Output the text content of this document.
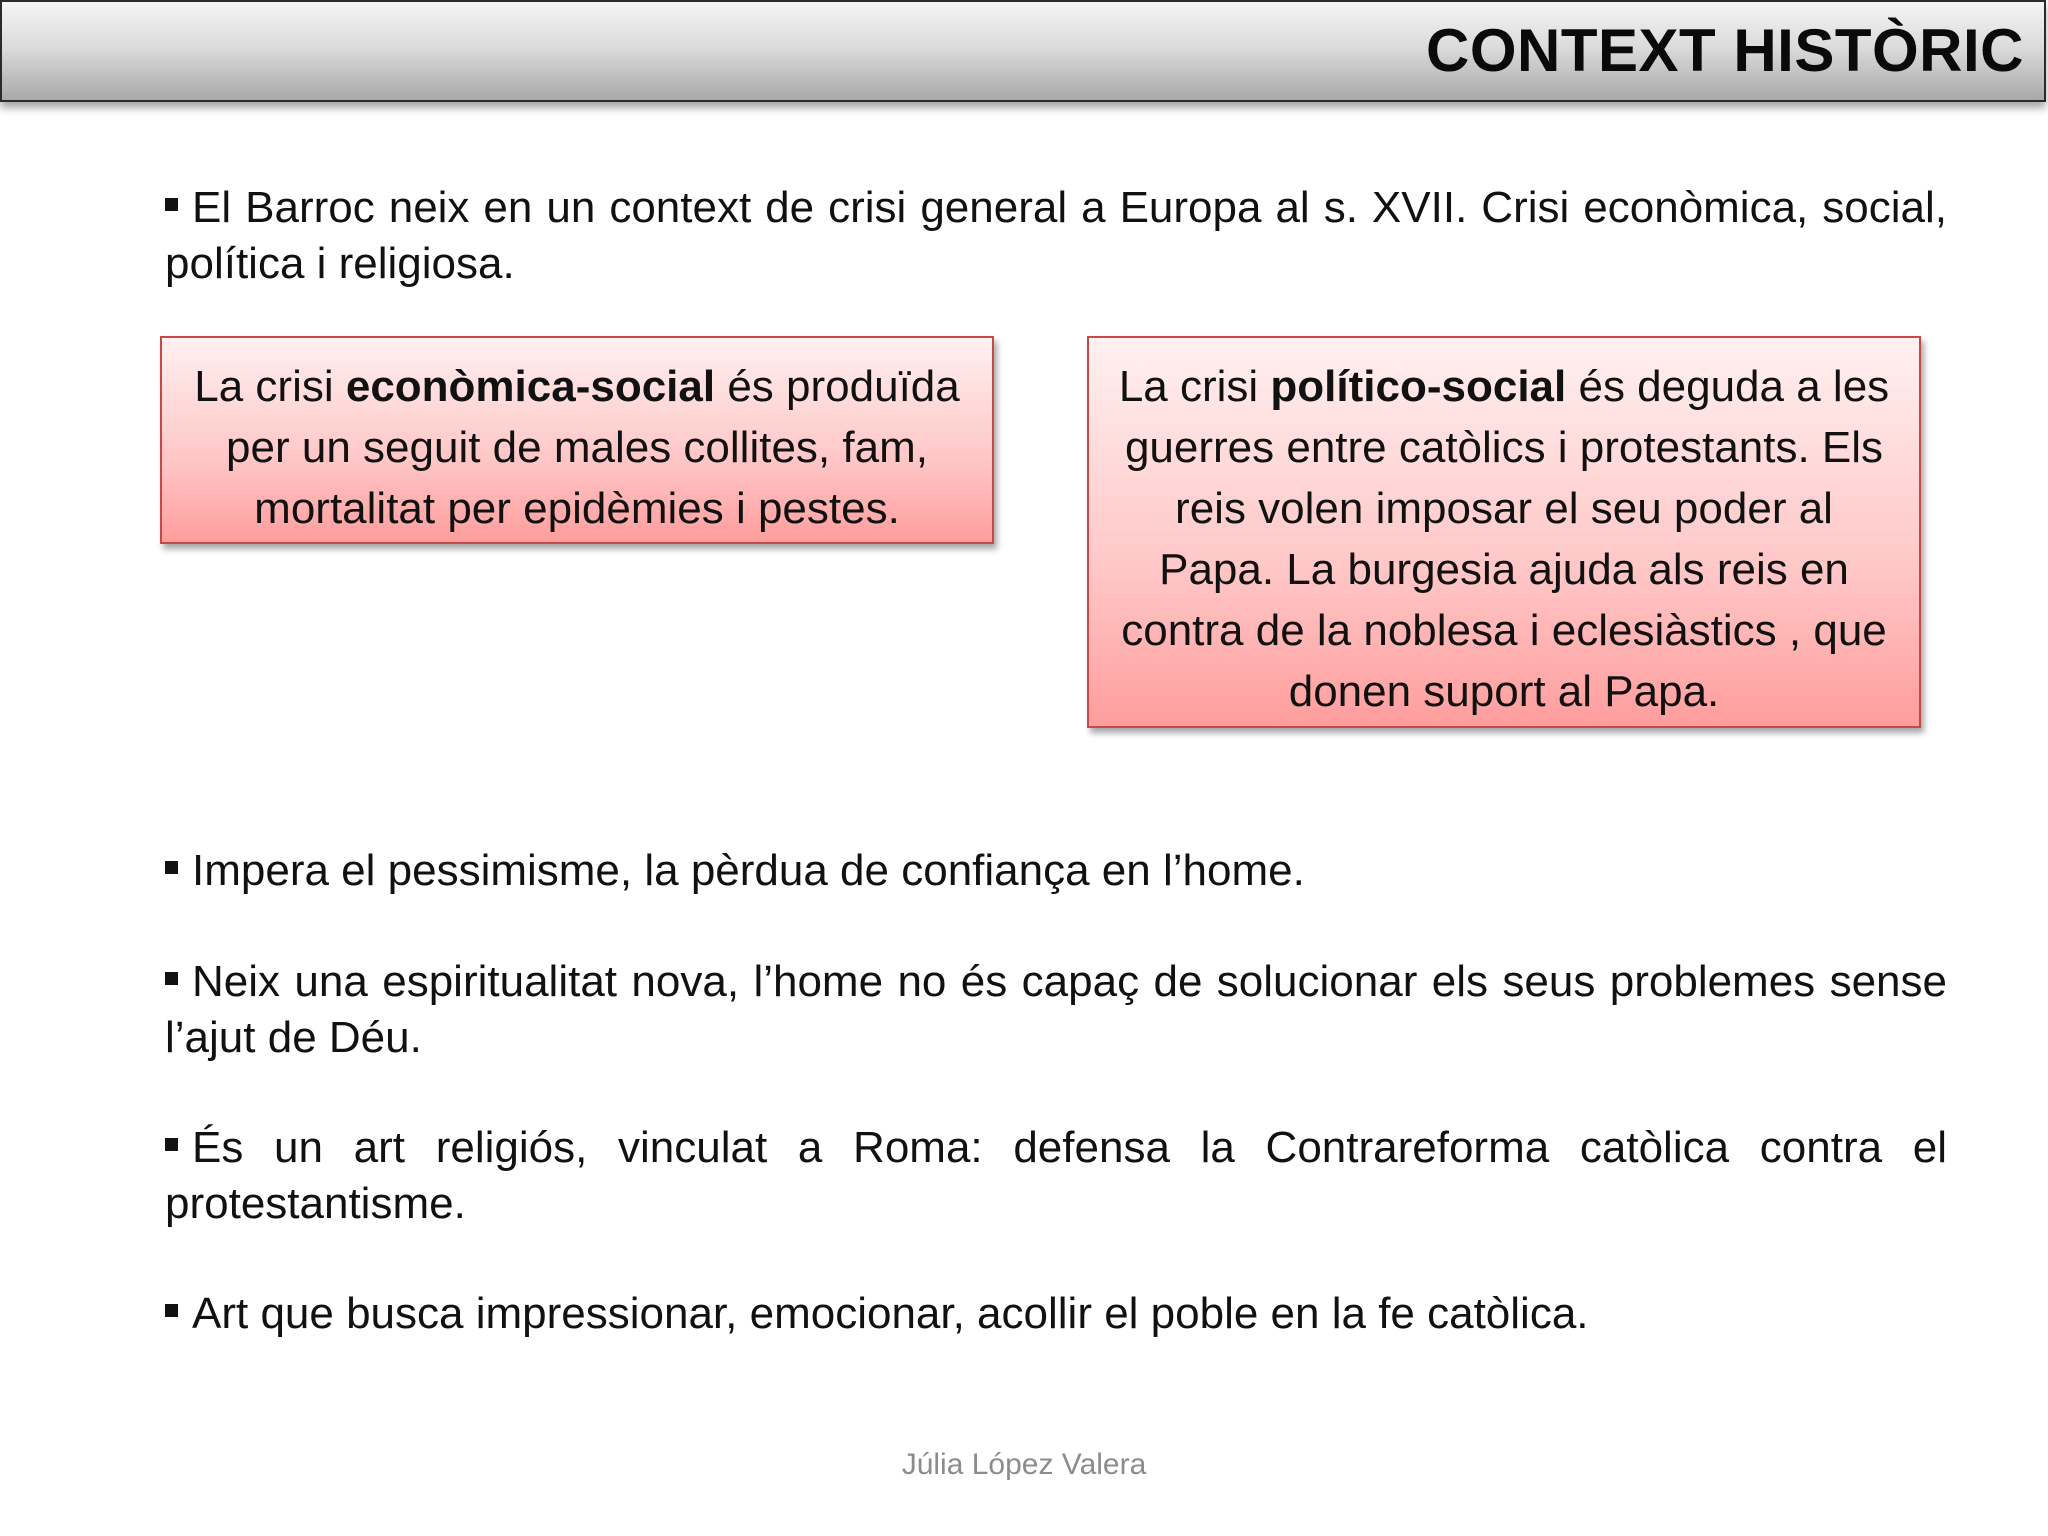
CONTEXT HISTÒRIC
El Barroc neix en un context de crisi general a Europa al s. XVII. Crisi econòmica, social, política i religiosa.
La crisi econòmica-social és produïda per un seguit de males collites, fam, mortalitat per epidèmies i pestes.
La crisi político-social és deguda a les guerres entre catòlics i protestants. Els reis volen imposar el seu poder al Papa. La burgesia ajuda als reis en contra de la noblesa i eclesiàstics , que donen suport al Papa.
Impera el pessimisme, la pèrdua de confiança en l’home.
Neix una espiritualitat nova, l’home no és capaç de solucionar els seus problemes sense l’ajut de Déu.
És un art religiós, vinculat a Roma: defensa la Contrareforma catòlica contra el protestantisme.
Art que busca impressionar, emocionar, acollir el poble en la fe catòlica.
Júlia López Valera
